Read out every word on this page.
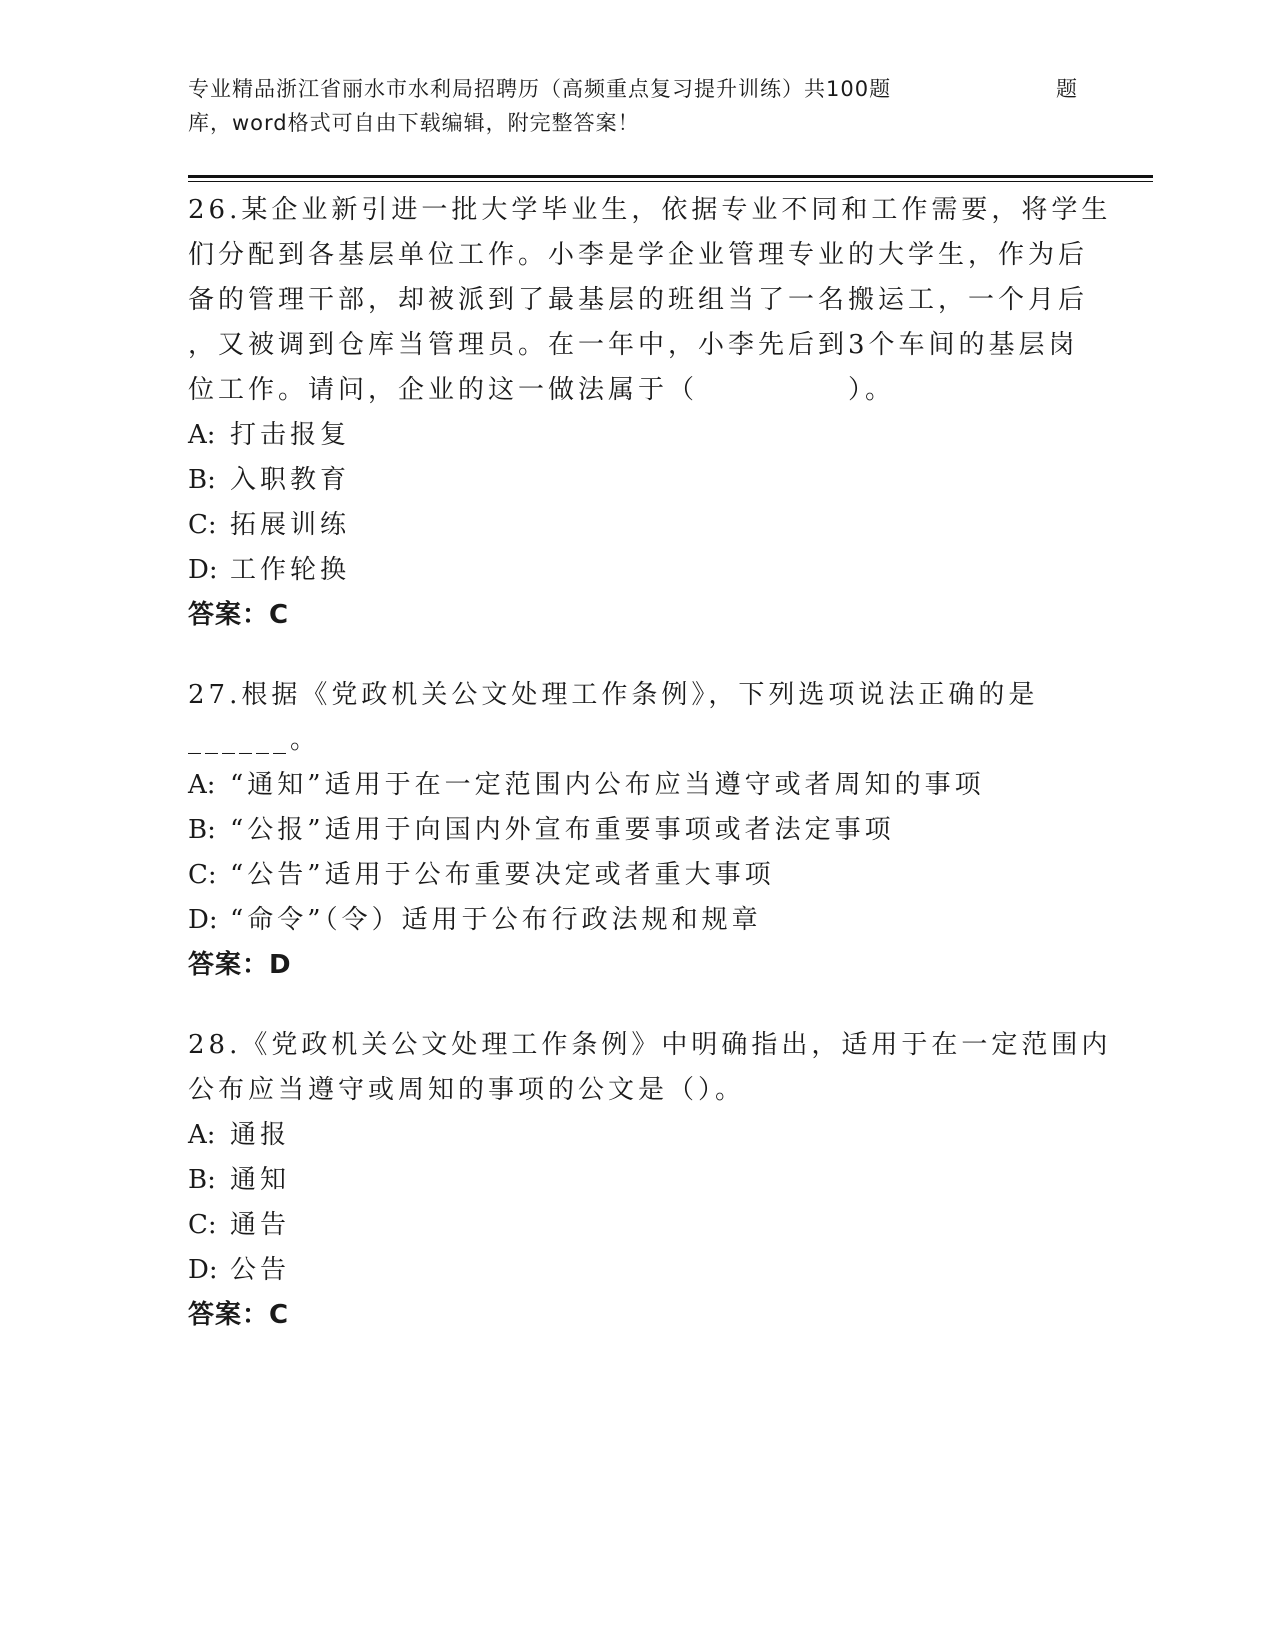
专业精品浙江省丽水市水利局招聘历（高频重点复习提升训练）共100题	题
库，word格式可自由下载编辑，附完整答案！
26.某企业新引进一批大学毕业生，依据专业不同和工作需要，将学生
们分配到各基层单位工作。小李是学企业管理专业的大学生，作为后
备的管理干部，却被派到了最基层的班组当了一名搬运工，一个月后
，又被调到仓库当管理员。在一年中，小李先后到3个车间的基层岗
位工作。请问，企业的这一做法属于（　　　　　）。
A: 打击报复
B: 入职教育
C: 拓展训练
D: 工作轮换
答案：C
27.根据《党政机关公文处理工作条例》，下列选项说法正确的是
______。
A: “通知”适用于在一定范围内公布应当遵守或者周知的事项
B: “公报”适用于向国内外宣布重要事项或者法定事项
C: “公告”适用于公布重要决定或者重大事项
D: “命令”（令）适用于公布行政法规和规章
答案：D
28.《党政机关公文处理工作条例》中明确指出，适用于在一定范围内
公布应当遵守或周知的事项的公文是（）。
A: 通报
B: 通知
C: 通告
D: 公告
答案：C
